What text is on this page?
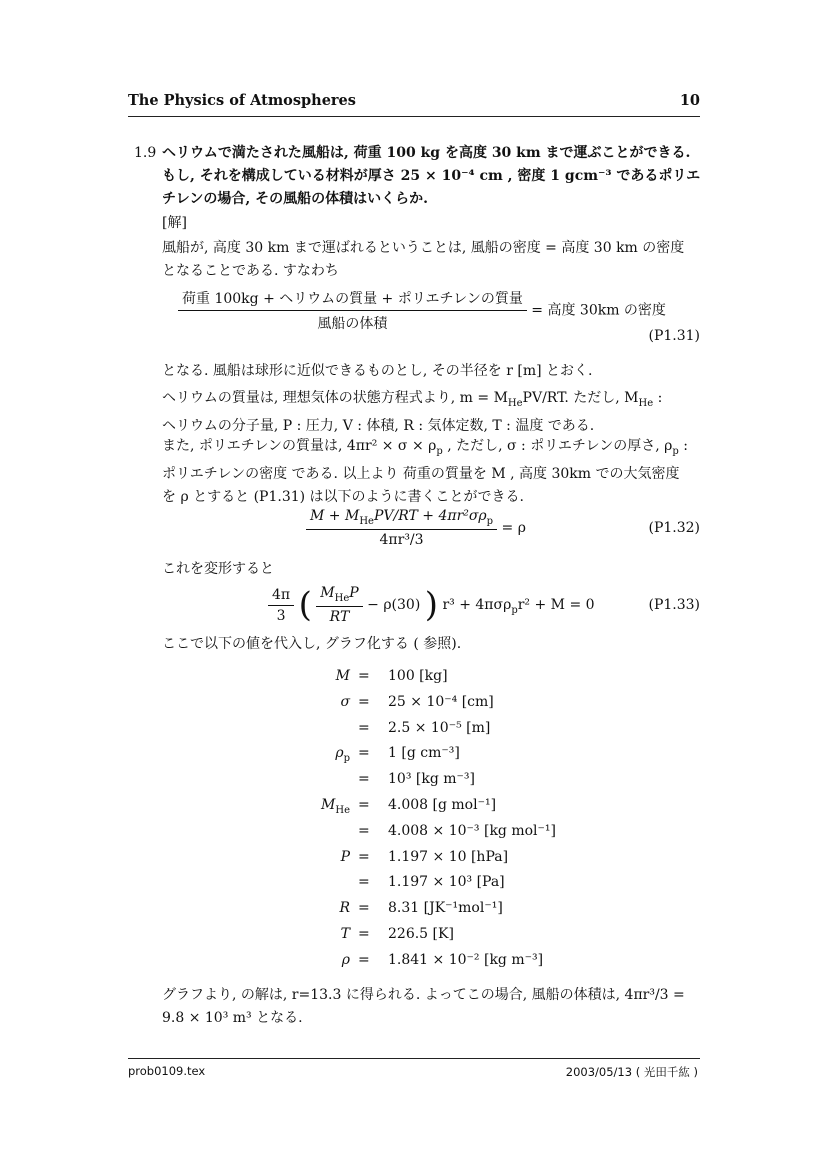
The Physics of Atmospheres	10
1.9 ヘリウムで満たされた風船は, 荷重 100 kg を高度 30 km まで運ぶことができる.
もし, それを構成している材料が厚さ 25 × 10⁻⁴ cm , 密度 1 gcm⁻³ であるポリエ
チレンの場合, その風船の体積はいくらか.
[解]
風船が, 高度 30 km まで運ばれるということは, 風船の密度 = 高度 30 km の密度
となることである. すなわち
$\frac{\text{荷重 100kg + ヘリウムの質量 + ポリエチレンの質量}}{\text{風船の体積}}$ = 高度 30km の密度
(P1.31)
となる. 風船は球形に近似できるものとし, その半径を r [m] とおく.
ヘリウムの質量は, 理想気体の状態方程式より, $m = M_{He}PV/RT$. ただし, $M_{He}$ :
ヘリウムの分子量, P : 圧力, V : 体積, R : 気体定数, T : 温度 である.
また, ポリエチレンの質量は, $4\pi r^2 \times \sigma \times \rho_p$ , ただし, σ : ポリエチレンの厚さ, $\rho_p$ :
ポリエチレンの密度 である. 以上より 荷重の質量を M , 高度 30km での大気密度
を ρ とすると (P1.31) は以下のように書くことができる.
$\frac{M + M_{He}PV/RT + 4\pi r^2\sigma\rho_p}{\text{4πr³/3}} = \rho$	(P1.32)
これを変形すると
$\frac{4\pi}{3}$ ( $\frac{M_{He}P}{RT} - \rho(30)$ ) r³ + 4πσρ$_p$r² + M = 0	(P1.33)
ここで以下の値を代入し, グラフ化する ( 参照).
M = 100 [kg]
σ = 25 × 10⁻⁴ [cm]
= 2.5 × 10⁻⁵ [m]
$\rho_p = 1$ [g cm⁻³]
= 10³ [kg m⁻³]
$M_{He} = 4.008$ [g mol⁻¹]
= 4.008 × 10⁻³ [kg mol⁻¹]
P = 1.197 × 10 [hPa]
= 1.197 × 10³ [Pa]
R = 8.31 [JK⁻¹mol⁻¹]
T = 226.5 [K]
ρ = 1.841 × 10⁻² [kg m⁻³]
グラフより, の解は, r=13.3 に得られる. よってこの場合, 風船の体積は, 4πr³/3 =
9.8 × 10³ m³ となる.
prob0109.tex	2003/05/13 ( 光田千紘 )
